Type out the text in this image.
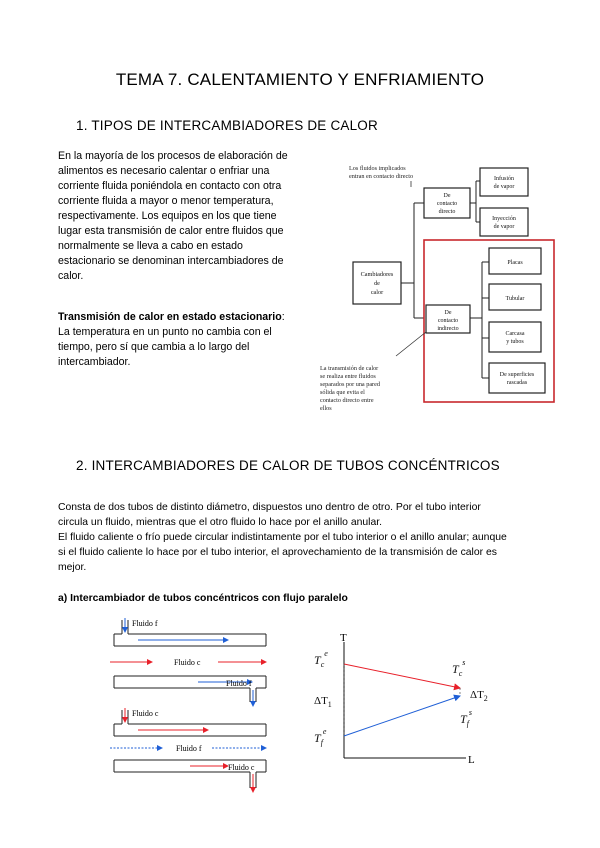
TEMA 7. CALENTAMIENTO Y ENFRIAMIENTO
1. TIPOS DE INTERCAMBIADORES DE CALOR
En la mayoría de los procesos de elaboración de
alimentos es necesario calentar o enfriar una
corriente fluida poniéndola en contacto con otra
corriente fluida a mayor o menor temperatura,
respectivamente. Los equipos en los que tiene
lugar esta transmisión de calor entre fluidos que
normalmente se lleva a cabo en estado
estacionario se denominan intercambiadores de
calor.
Transmisión de calor en estado estacionario:
La temperatura en un punto no cambia con el
tiempo, pero sí que cambia a lo largo del
intercambiador.
Los fluidos implicados
entran en contacto directo
Cambiadores
de
calor
De
contacto
directo
Infusión
de vapor
Inyección
de vapor
De
contacto
indirecto
Placas
Tubular
Carcasa
y tubos
De superficies
rascadas
La transmisión de calor
se realiza entre fluidos
separados por una pared
sólida que evita el
contacto directo entre
ellos
2. INTERCAMBIADORES DE CALOR DE TUBOS CONCÉNTRICOS
Consta de dos tubos de distinto diámetro, dispuestos uno dentro de otro. Por el tubo interior
circula un fluido, mientras que el otro fluido lo hace por el anillo anular.
El fluido caliente o frío puede circular indistintamente por el tubo interior o el anillo anular; aunque
si el fluido caliente lo hace por el tubo interior, el aprovechamiento de la transmisión de calor es
mejor.
a) Intercambiador de tubos concéntricos con flujo paralelo
Fluido f
Fluido c
Fluido f
Fluido c
Fluido f
Fluido c
T
L
$T_c^e$
$T_c^s$
$T_f^e$
$T_f^s$
$\Delta T_1$
$\Delta T_2$
